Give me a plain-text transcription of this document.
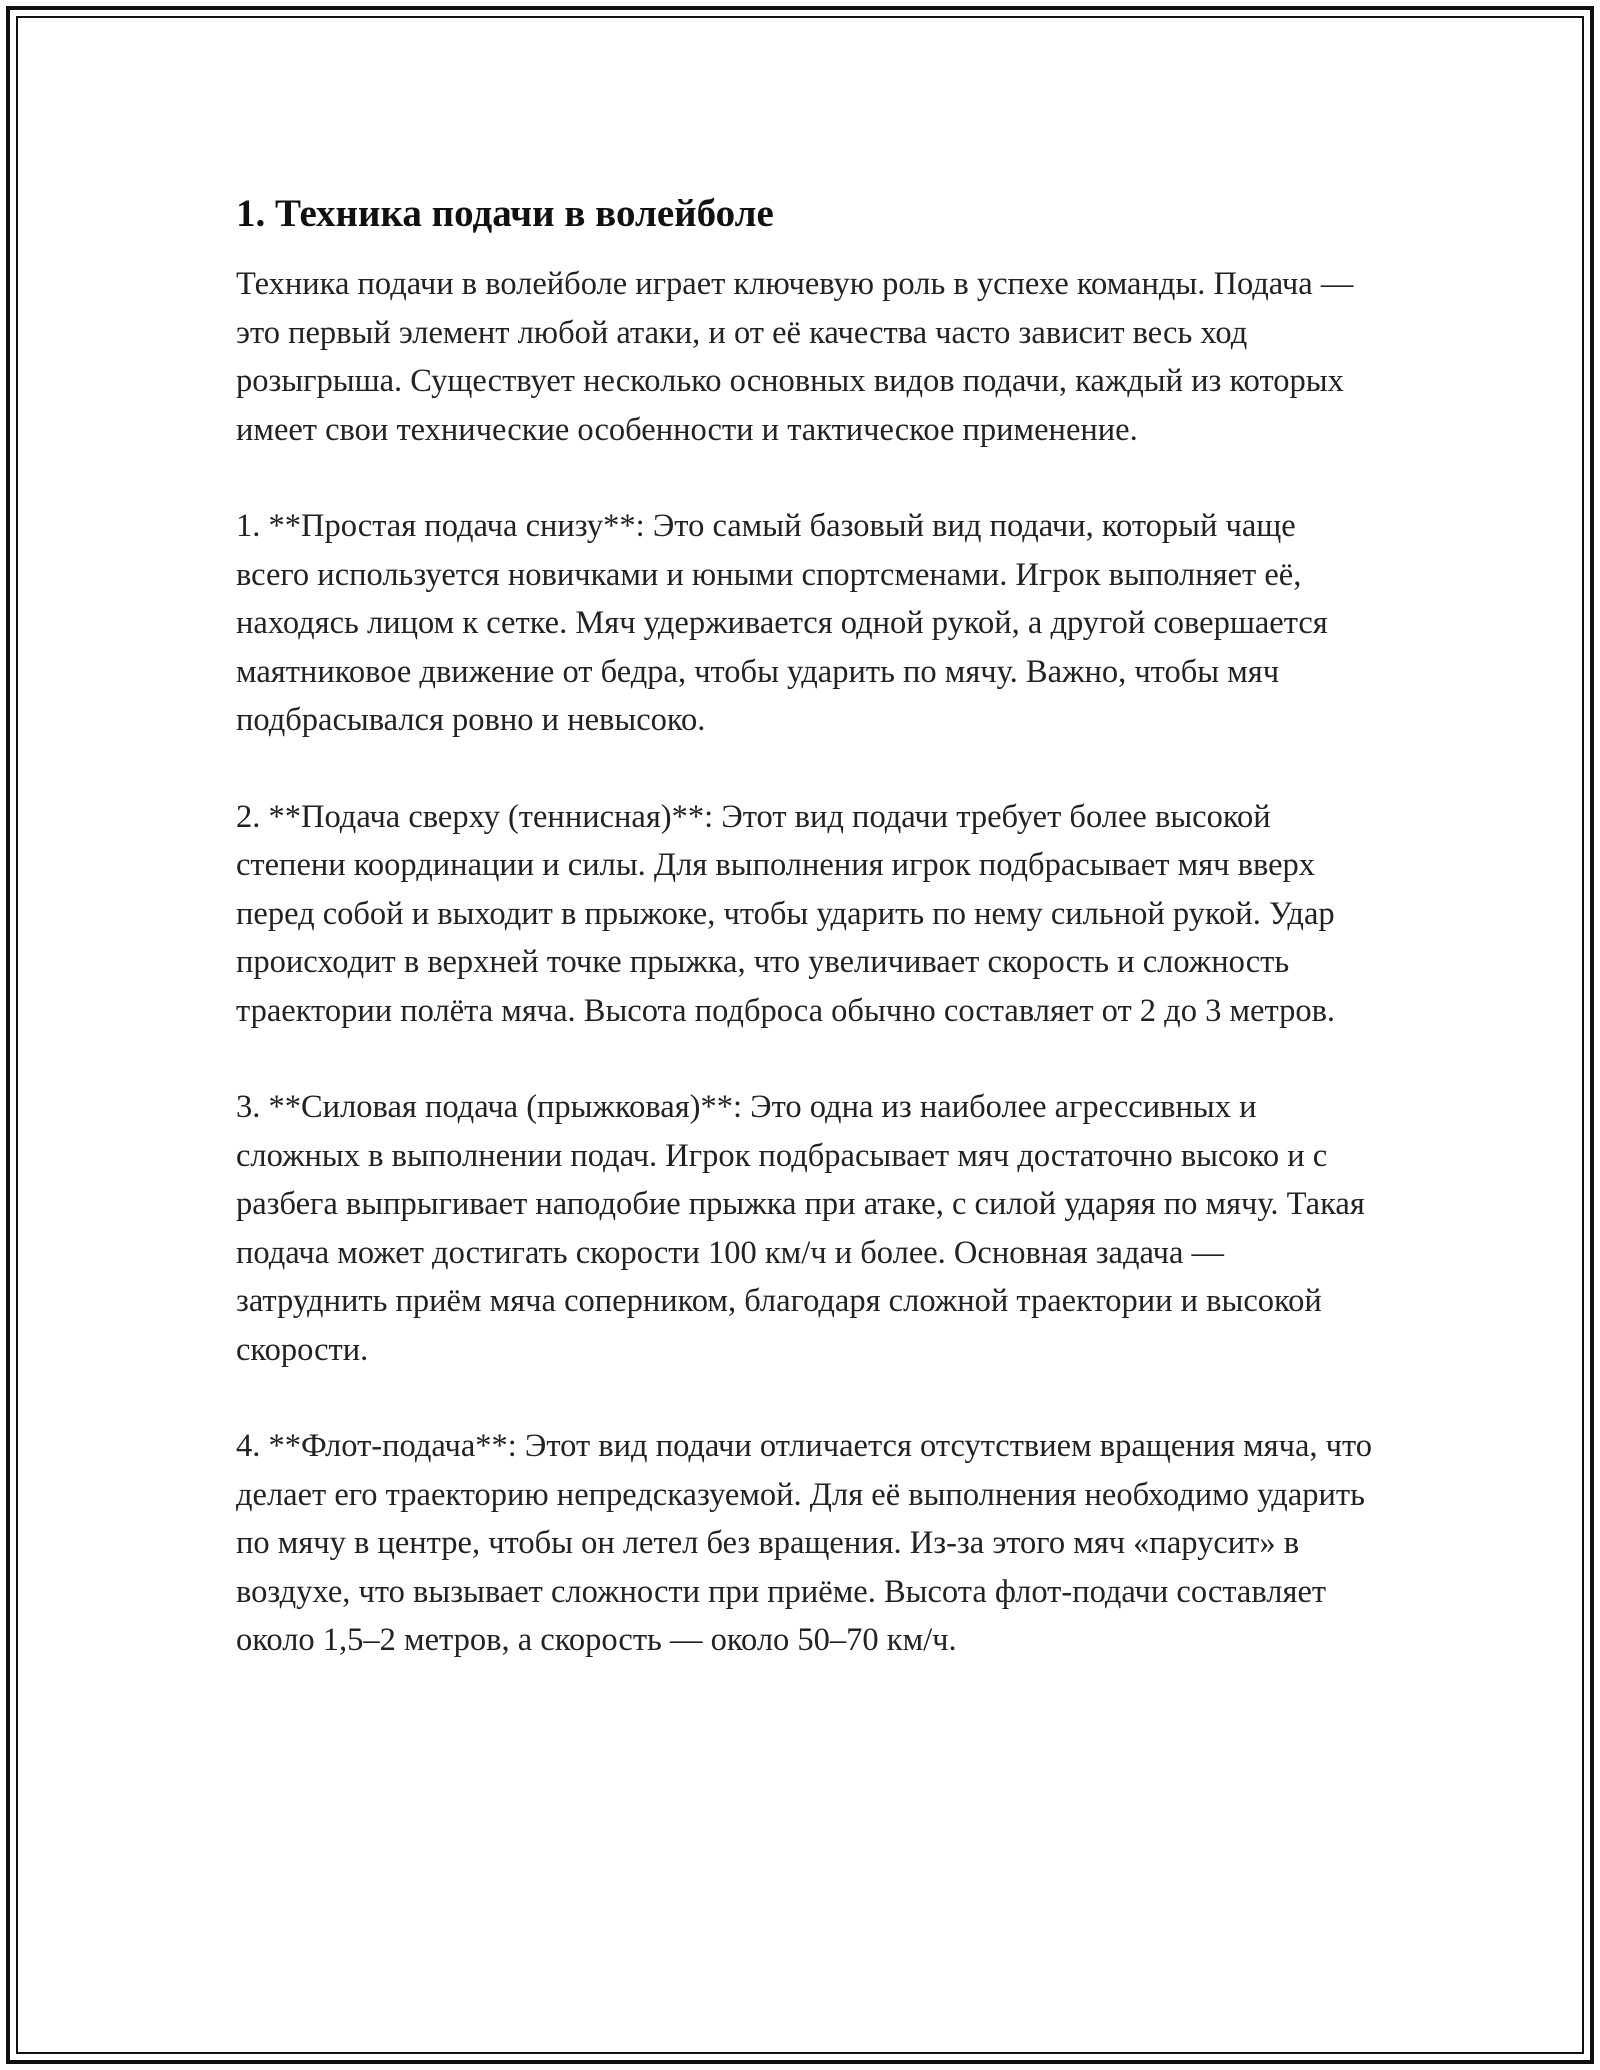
1. Техника подачи в волейболе

Техника подачи в волейболе играет ключевую роль в успехе команды. Подача — это первый элемент любой атаки, и от её качества часто зависит весь ход розыгрыша. Существует несколько основных видов подачи, каждый из которых имеет свои технические особенности и тактическое применение.

1. **Простая подача снизу**: Это самый базовый вид подачи, который чаще всего используется новичками и юными спортсменами. Игрок выполняет её, находясь лицом к сетке. Мяч удерживается одной рукой, а другой совершается маятниковое движение от бедра, чтобы ударить по мячу. Важно, чтобы мяч подбрасывался ровно и невысоко.

2. **Подача сверху (теннисная)**: Этот вид подачи требует более высокой степени координации и силы. Для выполнения игрок подбрасывает мяч вверх перед собой и выходит в прыжоке, чтобы ударить по нему сильной рукой. Удар происходит в верхней точке прыжка, что увеличивает скорость и сложность траектории полёта мяча. Высота подброса обычно составляет от 2 до 3 метров.

3. **Силовая подача (прыжковая)**: Это одна из наиболее агрессивных и сложных в выполнении подач. Игрок подбрасывает мяч достаточно высоко и с разбега выпрыгивает наподобие прыжка при атаке, с силой ударяя по мячу. Такая подача может достигать скорости 100 км/ч и более. Основная задача — затруднить приём мяча соперником, благодаря сложной траектории и высокой скорости.

4. **Флот-подача**: Этот вид подачи отличается отсутствием вращения мяча, что делает его траекторию непредсказуемой. Для её выполнения необходимо ударить по мячу в центре, чтобы он летел без вращения. Из-за этого мяч «парусит» в воздухе, что вызывает сложности при приёме. Высота флот-подачи составляет около 1,5–2 метров, а скорость — около 50–70 км/ч.
